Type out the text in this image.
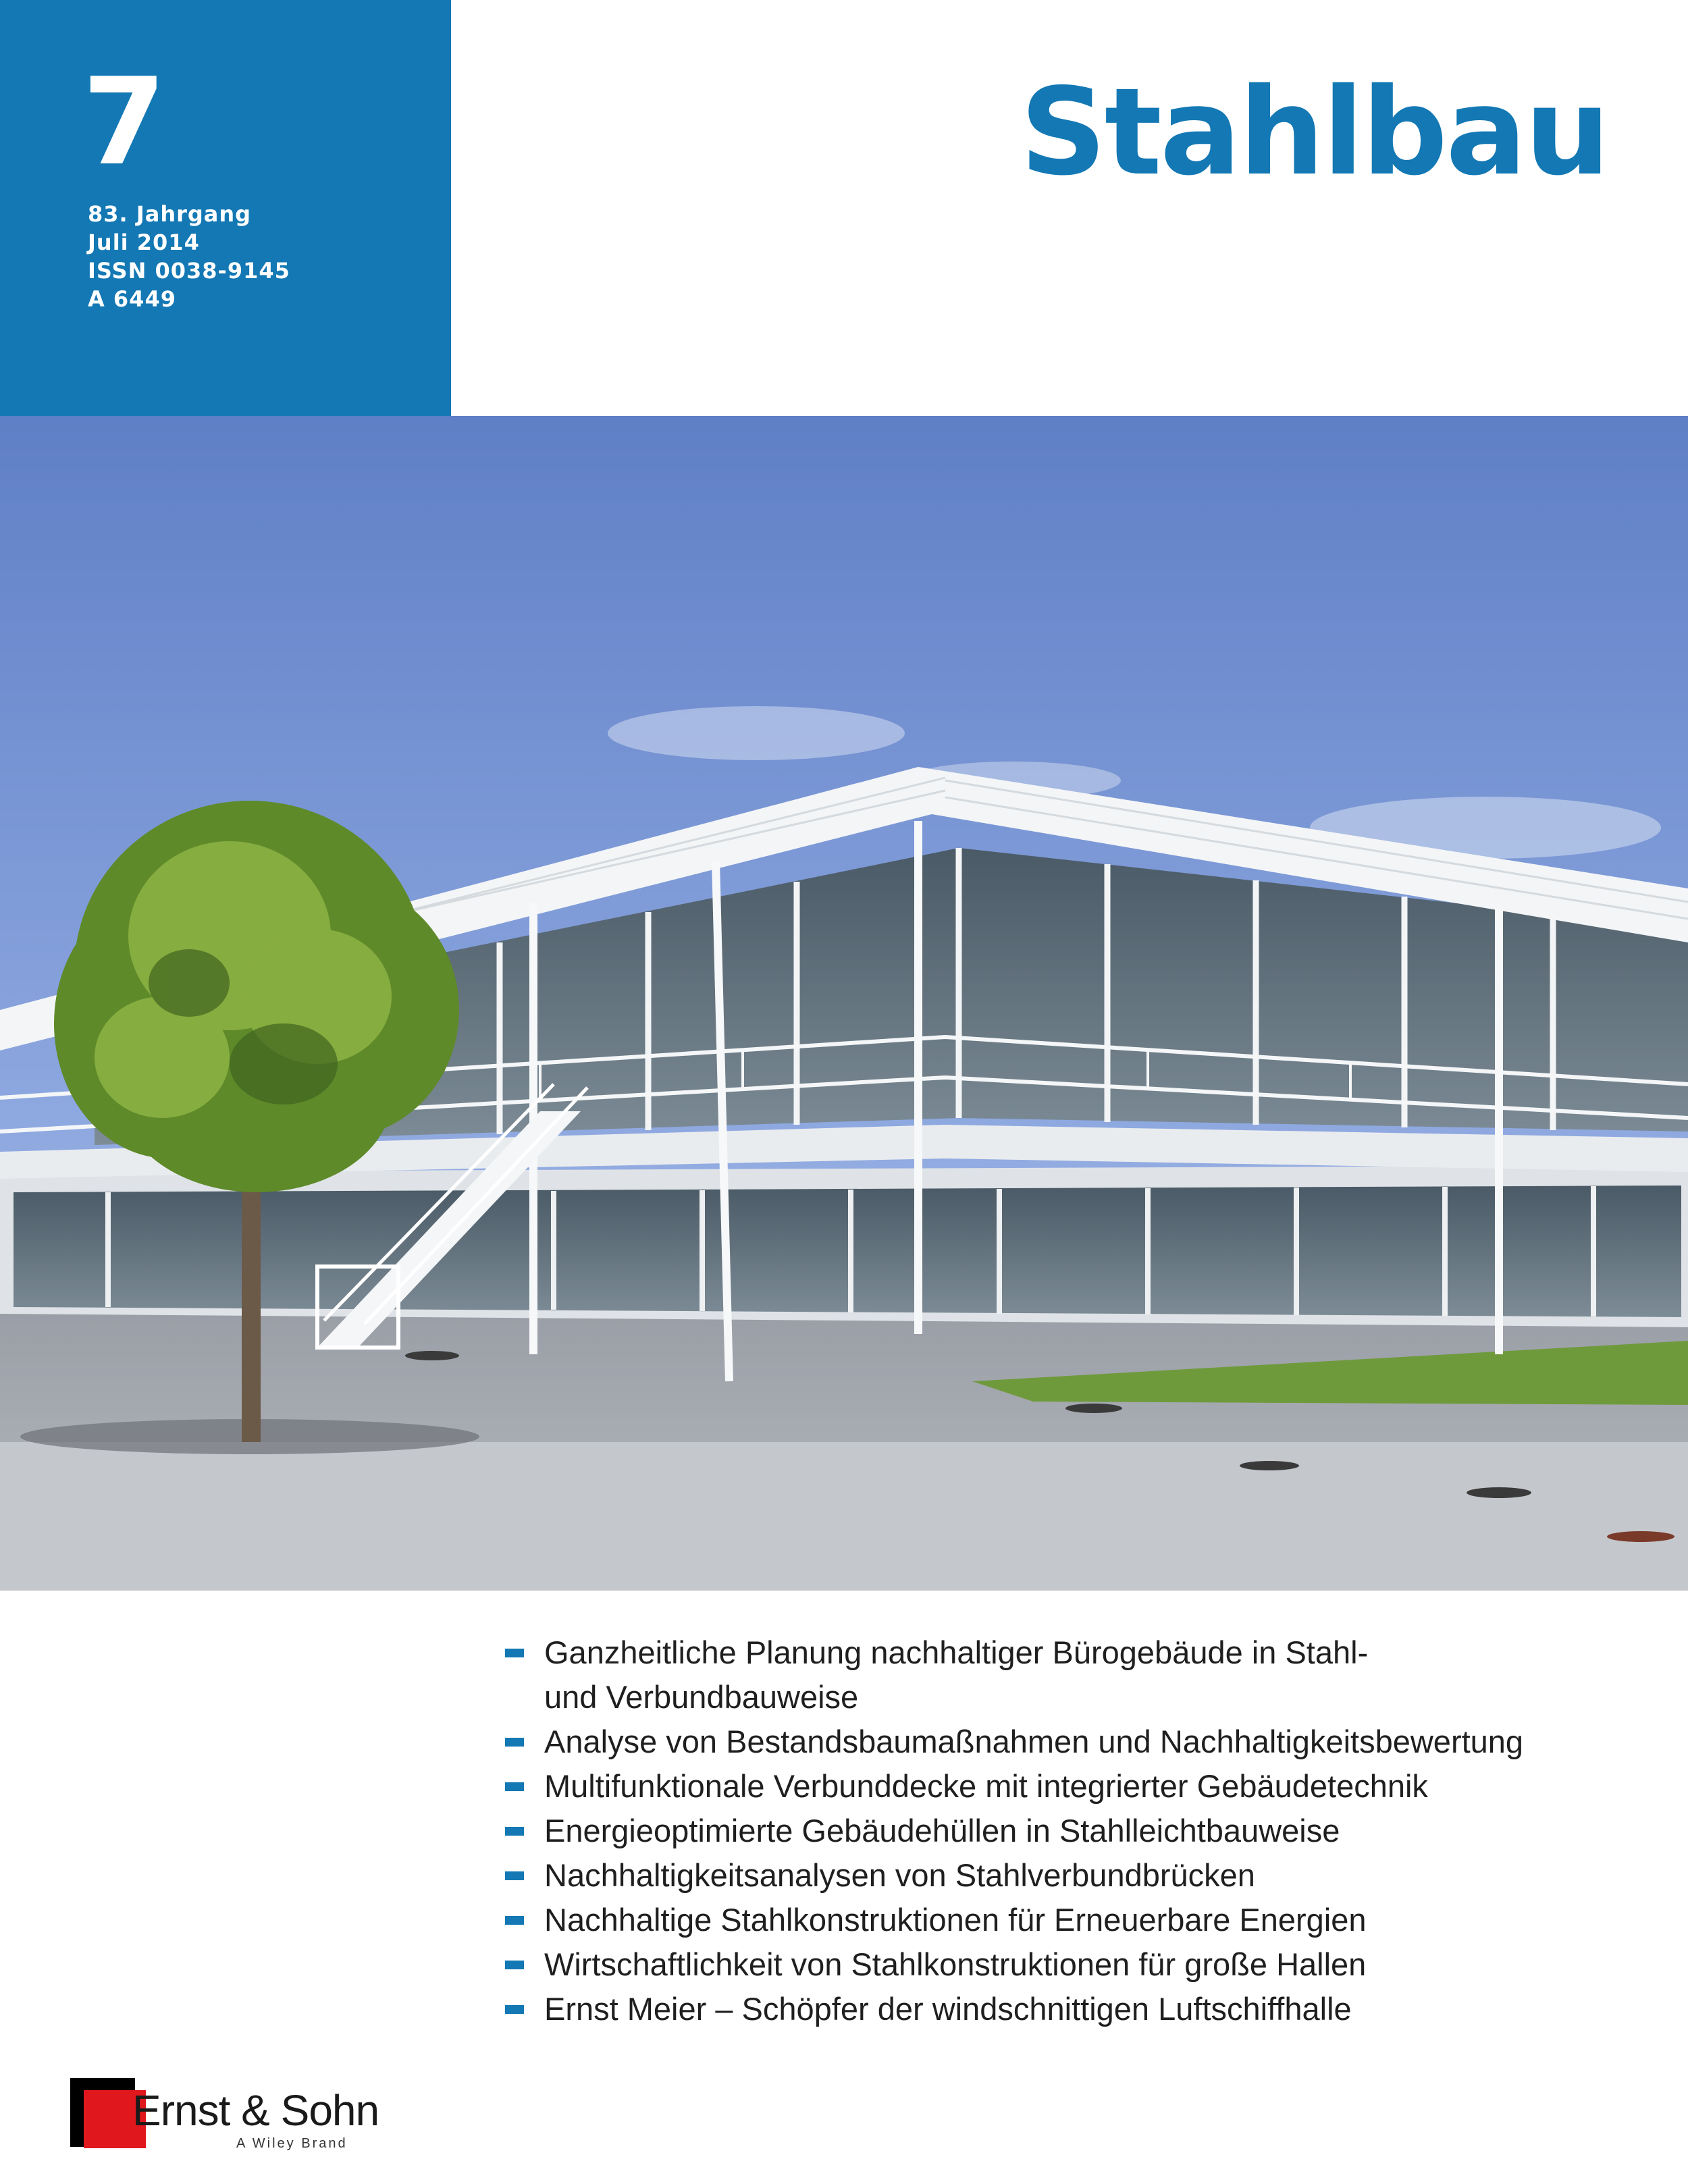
7
83. Jahrgang
Juli 2014
ISSN 0038-9145
A 6449
Stahlbau
Ganzheitliche Planung nachhaltiger Bürogebäude in Stahl-
und Verbundbauweise
Analyse von Bestandsbaumaßnahmen und Nachhaltigkeitsbewertung
Multifunktionale Verbunddecke mit integrierter Gebäudetechnik
Energieoptimierte Gebäudehüllen in Stahlleichtbauweise
Nachhaltigkeitsanalysen von Stahlverbundbrücken
Nachhaltige Stahlkonstruktionen für Erneuerbare Energien
Wirtschaftlichkeit von Stahlkonstruktionen für große Hallen
Ernst Meier – Schöpfer der windschnittigen Luftschiffhalle
Ernst & Sohn
A Wiley Brand
